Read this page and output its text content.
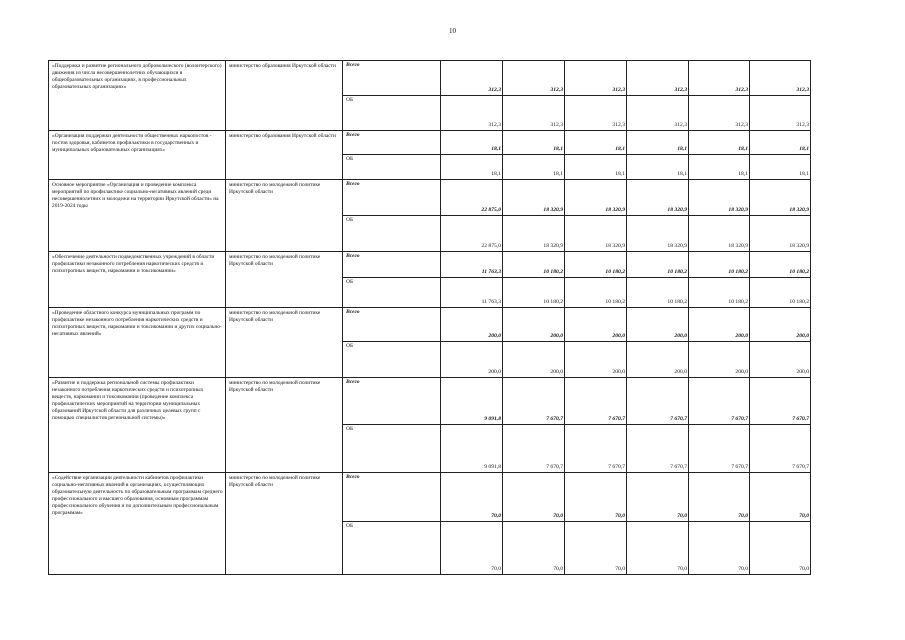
10
«Поддержка и развитие регионального добровольческого (волонтерского) движения из числа несовершеннолетних обучающихся в общеобразовательных организациях, в профессиональных образовательных организациях»	министерство образования Иркутской области	Всего	312,3	312,3	312,3	312,3	312,3	312,3
		ОБ	312,3	312,3	312,3	312,3	312,3	312,3
«Организация поддержки деятельности общественных наркопостов - постов здоровья, кабинетов профилактики в государственных и муниципальных образовательных организациях»	министерство образования Иркутской области	Всего	18,1	18,1	18,1	18,1	18,1	18,1
		ОБ	18,1	18,1	18,1	18,1	18,1	18,1
Основное мероприятие «Организация и проведение комплекса мероприятий по профилактике социально-негативных явлений среди несовершеннолетних и молодежи на территории Иркутской области» на 2019-2024 годы	министерство по молодежной политике Иркутской области	Всего	22 875,0	18 320,9	18 320,9	18 320,9	18 320,9	18 320,9
		ОБ	22 875,0	18 320,9	18 320,9	18 320,9	18 320,9	18 320,9
«Обеспечение деятельности подведомственных учреждений в области профилактики незаконного потребления наркотических средств и психотропных веществ, наркомании и токсикомании»	министерство по молодежной политике Иркутской области	Всего	11 763,3	10 180,2	10 180,2	10 180,2	10 180,2	10 180,2
		ОБ	11 763,3	10 180,2	10 180,2	10 180,2	10 180,2	10 180,2
«Проведение областного конкурса муниципальных программ по профилактике незаконного потребления наркотических средств и психотропных веществ, наркомании и токсикомании и других социально-негативных явлений»	министерство по молодежной политике Иркутской области	Всего	200,0	200,0	200,0	200,0	200,0	200,0
		ОБ	200,0	200,0	200,0	200,0	200,0	200,0
«Развитие и поддержка региональной системы профилактики незаконного потребления наркотических средств и психотропных веществ, наркомании и токсикомании (проведение комплекса профилактических мероприятий на территории муниципальных образований Иркутской области для различных целевых групп с помощью специалистов региональной системы)»	министерство по молодежной политике Иркутской области	Всего	9 091,8	7 670,7	7 670,7	7 670,7	7 670,7	7 670,7
		ОБ	9 091,8	7 670,7	7 670,7	7 670,7	7 670,7	7 670,7
«Содействие организации деятельности кабинетов профилактики социально-негативных явлений в организациях, осуществляющих образовательную деятельность по образовательным программам среднего профессионального и высшего образования, основным программам профессионального обучения и по дополнительным профессиональным программам»	министерство по молодежной политике Иркутской области	Всего	70,0	70,0	70,0	70,0	70,0	70,0
		ОБ	70,0	70,0	70,0	70,0	70,0	70,0
